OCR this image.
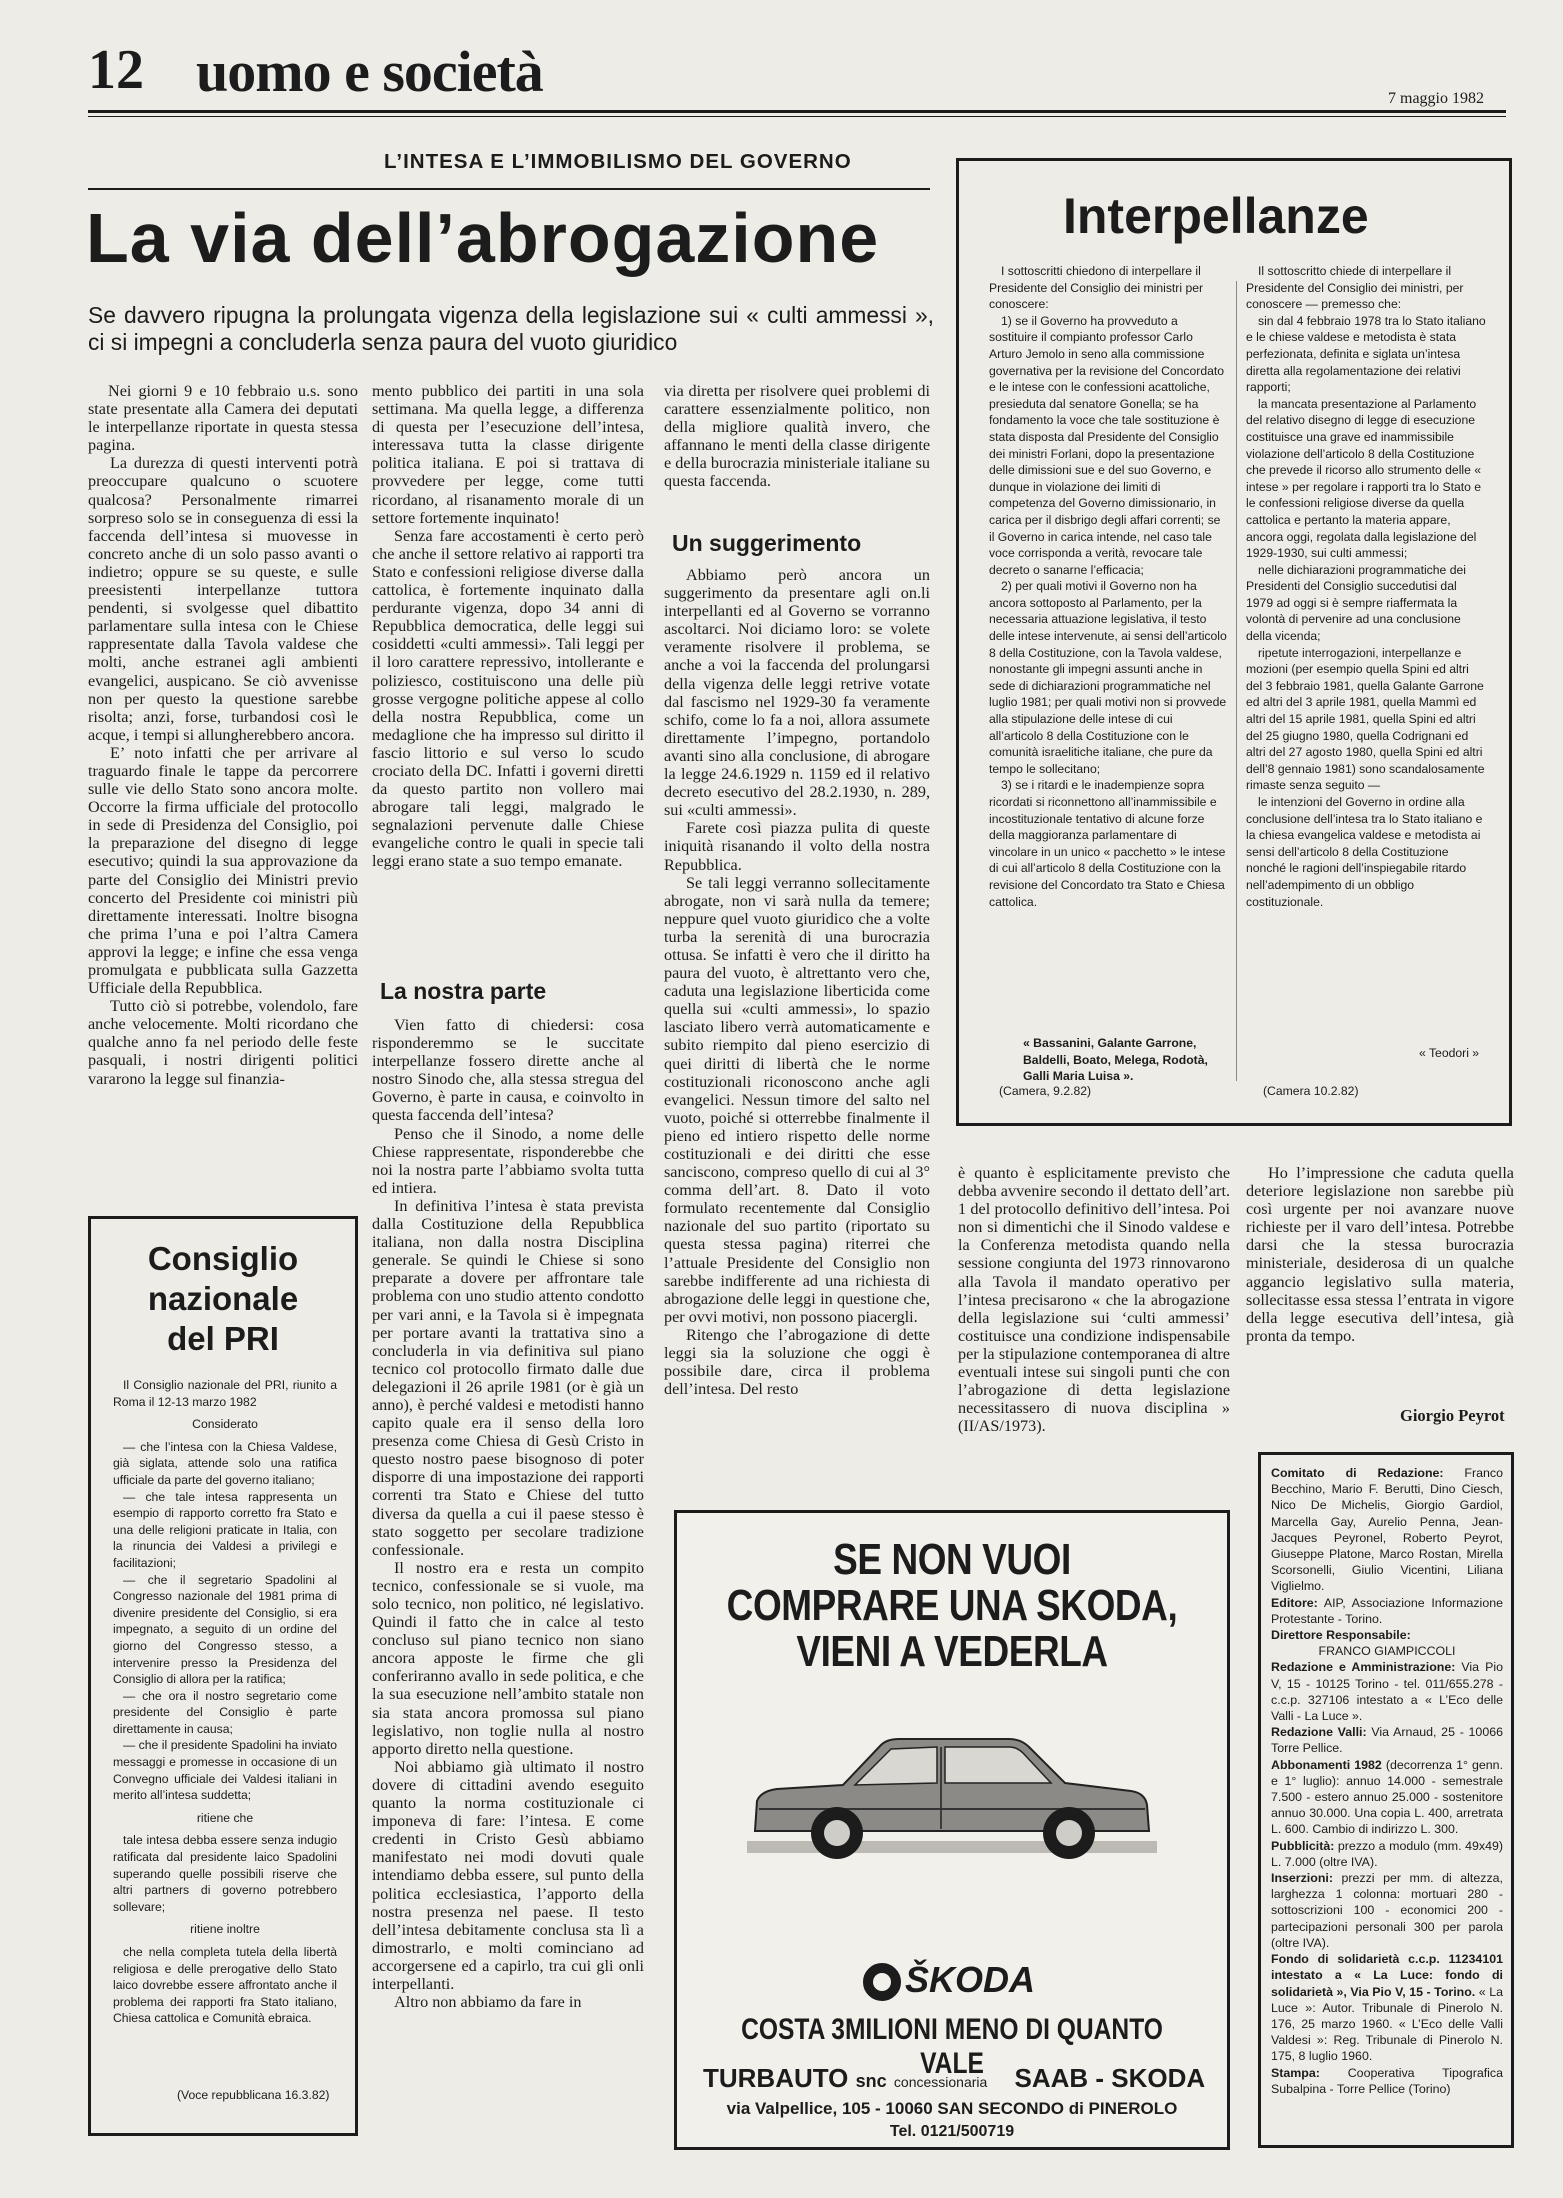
12 uomo e società	7 maggio 1982
L’INTESA E L’IMMOBILISMO DEL GOVERNO
La via dell’abrogazione
Se davvero ripugna la prolungata vigenza della legislazione sui « culti ammessi », ci si impegni a concluderla senza paura del vuoto giuridico

Nei giorni 9 e 10 febbraio u.s. sono state presentate alla Camera dei deputati le interpellanze riportate in questa stessa pagina.

La durezza di questi interventi potrà preoccupare qualcuno o scuotere qualcosa? Personalmente rimarrei sorpreso solo se in conseguenza di essi la faccenda dell’intesa si muovesse in concreto anche di un solo passo avanti o indietro; oppure se su queste, e sulle preesistenti interpellanze tuttora pendenti, si svolgesse quel dibattito parlamentare sulla intesa con le Chiese rappresentate dalla Tavola valdese che molti, anche estranei agli ambienti evangelici, auspicano. Se ciò avvenisse non per questo la questione sarebbe risolta; anzi, forse, turbandosi così le acque, i tempi si allungherebbero ancora.

E’ noto infatti che per arrivare al traguardo finale le tappe da percorrere sulle vie dello Stato sono ancora molte. Occorre la firma ufficiale del protocollo in sede di Presidenza del Consiglio, poi la preparazione del disegno di legge esecutivo; quindi la sua approvazione da parte del Consiglio dei Ministri previo concerto del Presidente coi ministri più direttamente interessati. Inoltre bisogna che prima l’una e poi l’altra Camera approvi la legge; e infine che essa venga promulgata e pubblicata sulla Gazzetta Ufficiale della Repubblica.

Tutto ciò si potrebbe, volendolo, fare anche velocemente. Molti ricordano che qualche anno fa nel periodo delle feste pasquali, i nostri dirigenti politici vararono la legge sul finanzia-

mento pubblico dei partiti in una sola settimana. Ma quella legge, a differenza di questa per l’esecuzione dell’intesa, interessava tutta la classe dirigente politica italiana. E poi si trattava di provvedere per legge, come tutti ricordano, al risanamento morale di un settore fortemente inquinato!

Senza fare accostamenti è certo però che anche il settore relativo ai rapporti tra Stato e confessioni religiose diverse dalla cattolica, è fortemente inquinato dalla perdurante vigenza, dopo 34 anni di Repubblica democratica, delle leggi sui cosiddetti «culti ammessi». Tali leggi per il loro carattere repressivo, intollerante e poliziesco, costituiscono una delle più grosse vergogne politiche appese al collo della nostra Repubblica, come un medaglione che ha impresso sul diritto il fascio littorio e sul verso lo scudo crociato della DC. Infatti i governi diretti da questo partito non vollero mai abrogare tali leggi, malgrado le segnalazioni pervenute dalle Chiese evangeliche contro le quali in specie tali leggi erano state a suo tempo emanate.

La nostra parte

Vien fatto di chiedersi: cosa risponderemmo se le succitate interpellanze fossero dirette anche al nostro Sinodo che, alla stessa stregua del Governo, è parte in causa, e coinvolto in questa faccenda dell’intesa?

Penso che il Sinodo, a nome delle Chiese rappresentate, risponderebbe che noi la nostra parte l’abbiamo svolta tutta ed intiera.

In definitiva l’intesa è stata prevista dalla Costituzione della Repubblica italiana, non dalla nostra Disciplina generale. Se quindi le Chiese si sono preparate a dovere per affrontare tale problema con uno studio attento condotto per vari anni, e la Tavola si è impegnata per portare avanti la trattativa sino a concluderla in via definitiva sul piano tecnico col protocollo firmato dalle due delegazioni il 26 aprile 1981 (or è già un anno), è perché valdesi e metodisti hanno capito quale era il senso della loro presenza come Chiesa di Gesù Cristo in questo nostro paese bisognoso di poter disporre di una impostazione dei rapporti correnti tra Stato e Chiese del tutto diversa da quella a cui il paese stesso è stato soggetto per secolare tradizione confessionale.

Il nostro era e resta un compito tecnico, confessionale se si vuole, ma solo tecnico, non politico, né legislativo. Quindi il fatto che in calce al testo concluso sul piano tecnico non siano ancora apposte le firme che gli conferiranno avallo in sede politica, e che la sua esecuzione nell’ambito statale non sia stata ancora promossa sul piano legislativo, non toglie nulla al nostro apporto diretto nella questione.

Noi abbiamo già ultimato il nostro dovere di cittadini avendo eseguito quanto la norma costituzionale ci imponeva di fare: l’intesa. E come credenti in Cristo Gesù abbiamo manifestato nei modi dovuti quale intendiamo debba essere, sul punto della politica ecclesiastica, l’apporto della nostra presenza nel paese. Il testo dell’intesa debitamente conclusa sta lì a dimostrarlo, e molti cominciano ad accorgersene ed a capirlo, tra cui gli onli interpellanti.

Altro non abbiamo da fare in

via diretta per risolvere quei problemi di carattere essenzialmente politico, non della migliore qualità invero, che affannano le menti della classe dirigente e della burocrazia ministeriale italiane su questa faccenda.

Un suggerimento

Abbiamo però ancora un suggerimento da presentare agli on.li interpellanti ed al Governo se vorranno ascoltarci. Noi diciamo loro: se volete veramente risolvere il problema, se anche a voi la faccenda del prolungarsi della vigenza delle leggi retrive votate dal fascismo nel 1929-30 fa veramente schifo, come lo fa a noi, allora assumete direttamente l’impegno, portandolo avanti sino alla conclusione, di abrogare la legge 24.6.1929 n. 1159 ed il relativo decreto esecutivo del 28.2.1930, n. 289, sui «culti ammessi».

Farete così piazza pulita di queste iniquità risanando il volto della nostra Repubblica.

Se tali leggi verranno sollecitamente abrogate, non vi sarà nulla da temere; neppure quel vuoto giuridico che a volte turba la serenità di una burocrazia ottusa. Se infatti è vero che il diritto ha paura del vuoto, è altrettanto vero che, caduta una legislazione liberticida come quella sui «culti ammessi», lo spazio lasciato libero verrà automaticamente e subito riempito dal pieno esercizio di quei diritti di libertà che le norme costituzionali riconoscono anche agli evangelici. Nessun timore del salto nel vuoto, poiché si otterrebbe finalmente il pieno ed intiero rispetto delle norme costituzionali e dei diritti che esse sanciscono, compreso quello di cui al 3° comma dell’art. 8. Dato il voto formulato recentemente dal Consiglio nazionale del suo partito (riportato su questa stessa pagina) riterrei che l’attuale Presidente del Consiglio non sarebbe indifferente ad una richiesta di abrogazione delle leggi in questione che, per ovvi motivi, non possono piacergli.

Ritengo che l’abrogazione di dette leggi sia la soluzione che oggi è possibile dare, circa il problema dell’intesa. Del resto

è quanto è esplicitamente previsto che debba avvenire secondo il dettato dell’art. 1 del protocollo definitivo dell’intesa. Poi non si dimentichi che il Sinodo valdese e la Conferenza metodista quando nella sessione congiunta del 1973 rinnovarono alla Tavola il mandato operativo per l’intesa precisarono « che la abrogazione della legislazione sui ‘culti ammessi’ costituisce una condizione indispensabile per la stipulazione contemporanea di altre eventuali intese sui singoli punti che con l’abrogazione di detta legislazione necessitassero di nuova disciplina » (II/AS/1973).

Ho l’impressione che caduta quella deteriore legislazione non sarebbe più così urgente per noi avanzare nuove richieste per il varo dell’intesa. Potrebbe darsi che la stessa burocrazia ministeriale, desiderosa di un qualche aggancio legislativo sulla materia, sollecitasse essa stessa l’entrata in vigore della legge esecutiva dell’intesa, già pronta da tempo.

Giorgio Peyrot
Interpellanze

I sottoscritti chiedono di interpellare il Presidente del Consiglio dei ministri per conoscere:

1) se il Governo ha provveduto a sostituire il compianto professor Carlo Arturo Jemolo in seno alla commissione governativa per la revisione del Concordato e le intese con le confessioni acattoliche, presieduta dal senatore Gonella; se ha fondamento la voce che tale sostituzione è stata disposta dal Presidente del Consiglio dei ministri Forlani, dopo la presentazione delle dimissioni sue e del suo Governo, e dunque in violazione dei limiti di competenza del Governo dimissionario, in carica per il disbrigo degli affari correnti; se il Governo in carica intende, nel caso tale voce corrisponda a verità, revocare tale decreto o sanarne l’efficacia;

2) per quali motivi il Governo non ha ancora sottoposto al Parlamento, per la necessaria attuazione legislativa, il testo delle intese intervenute, ai sensi dell’articolo 8 della Costituzione, con la Tavola valdese, nonostante gli impegni assunti anche in sede di dichiarazioni programmatiche nel luglio 1981; per quali motivi non si provvede alla stipulazione delle intese di cui all’articolo 8 della Costituzione con le comunità israelitiche italiane, che pure da tempo le sollecitano;

3) se i ritardi e le inadempienze sopra ricordati si riconnettono all’inammissibile e incostituzionale tentativo di alcune forze della maggioranza parlamentare di vincolare in un unico « pacchetto » le intese di cui all’articolo 8 della Costituzione con la revisione del Concordato tra Stato e Chiesa cattolica.

« Bassanini, Galante Garrone, Baldelli, Boato, Melega, Rodotà, Galli Maria Luisa ».
(Camera, 9.2.82)

Il sottoscritto chiede di interpellare il Presidente del Consiglio dei ministri, per conoscere — premesso che:

sin dal 4 febbraio 1978 tra lo Stato italiano e le chiese valdese e metodista è stata perfezionata, definita e siglata un’intesa diretta alla regolamentazione dei relativi rapporti;

la mancata presentazione al Parlamento del relativo disegno di legge di esecuzione costituisce una grave ed inammissibile violazione dell’articolo 8 della Costituzione che prevede il ricorso allo strumento delle « intese » per regolare i rapporti tra lo Stato e le confessioni religiose diverse da quella cattolica e pertanto la materia appare, ancora oggi, regolata dalla legislazione del 1929-1930, sui culti ammessi;

nelle dichiarazioni programmatiche dei Presidenti del Consiglio succedutisi dal 1979 ad oggi si è sempre riaffermata la volontà di pervenire ad una conclusione della vicenda;

ripetute interrogazioni, interpellanze e mozioni (per esempio quella Spini ed altri del 3 febbraio 1981, quella Galante Garrone ed altri del 3 aprile 1981, quella Mammì ed altri del 15 aprile 1981, quella Spini ed altri del 25 giugno 1980, quella Codrignani ed altri del 27 agosto 1980, quella Spini ed altri dell’8 gennaio 1981) sono scandalosamente rimaste senza seguito —

le intenzioni del Governo in ordine alla conclusione dell’intesa tra lo Stato italiano e la chiesa evangelica valdese e metodista ai sensi dell’articolo 8 della Costituzione nonché le ragioni dell’inspiegabile ritardo nell’adempimento di un obbligo costituzionale.

« Teodori »
(Camera 10.2.82)
Consiglio
nazionale
del PRI

Il Consiglio nazionale del PRI, riunito a Roma il 12-13 marzo 1982

Considerato

— che l’intesa con la Chiesa Valdese, già siglata, attende solo una ratifica ufficiale da parte del governo italiano;

— che tale intesa rappresenta un esempio di rapporto corretto fra Stato e una delle religioni praticate in Italia, con la rinuncia dei Valdesi a privilegi e facilitazioni;

— che il segretario Spadolini al Congresso nazionale del 1981 prima di divenire presidente del Consiglio, si era impegnato, a seguito di un ordine del giorno del Congresso stesso, a intervenire presso la Presidenza del Consiglio di allora per la ratifica;

— che ora il nostro segretario come presidente del Consiglio è parte direttamente in causa;

— che il presidente Spadolini ha inviato messaggi e promesse in occasione di un Convegno ufficiale dei Valdesi italiani in merito all’intesa suddetta;

ritiene che

tale intesa debba essere senza indugio ratificata dal presidente laico Spadolini superando quelle possibili riserve che altri partners di governo potrebbero sollevare;

ritiene inoltre

che nella completa tutela della libertà religiosa e delle prerogative dello Stato laico dovrebbe essere affrontato anche il problema dei rapporti fra Stato italiano, Chiesa cattolica e Comunità ebraica.

(Voce repubblicana 16.3.82)
SE NON VUOI
COMPRARE UNA SKODA,
VIENI A VEDERLA
ŠKODA
COSTA 3MILIONI MENO DI QUANTO VALE
TURBAUTO snc concessionaria SAAB - SKODA
via Valpellice, 105 - 10060 SAN SECONDO di PINEROLO
Tel. 0121/500719

Comitato di Redazione: Franco Becchino, Mario F. Berutti, Dino Ciesch, Nico De Michelis, Giorgio Gardiol, Marcella Gay, Aurelio Penna, Jean-Jacques Peyronel, Roberto Peyrot, Giuseppe Platone, Marco Rostan, Mirella Scorsonelli, Giulio Vicentini, Liliana Viglielmo.

Editore: AIP, Associazione Informazione Protestante - Torino.

Direttore Responsabile:

FRANCO GIAMPICCOLI

Redazione e Amministrazione: Via Pio V, 15 - 10125 Torino - tel. 011/655.278 - c.c.p. 327106 intestato a « L’Eco delle Valli - La Luce ».

Redazione Valli: Via Arnaud, 25 - 10066 Torre Pellice.

Abbonamenti 1982 (decorrenza 1° genn. e 1° luglio): annuo 14.000 - semestrale 7.500 - estero annuo 25.000 - sostenitore annuo 30.000. Una copia L. 400, arretrata L. 600. Cambio di indirizzo L. 300.

Pubblicità: prezzo a modulo (mm. 49x49) L. 7.000 (oltre IVA).

Inserzioni: prezzi per mm. di altezza, larghezza 1 colonna: mortuari 280 - sottoscrizioni 100 - economici 200 - partecipazioni personali 300 per parola (oltre IVA).

Fondo di solidarietà c.c.p. 11234101 intestato a « La Luce: fondo di solidarietà », Via Pio V, 15 - Torino. « La Luce »: Autor. Tribunale di Pinerolo N. 176, 25 marzo 1960. « L’Eco delle Valli Valdesi »: Reg. Tribunale di Pinerolo N. 175, 8 luglio 1960.

Stampa: Cooperativa Tipografica Subalpina - Torre Pellice (Torino)
